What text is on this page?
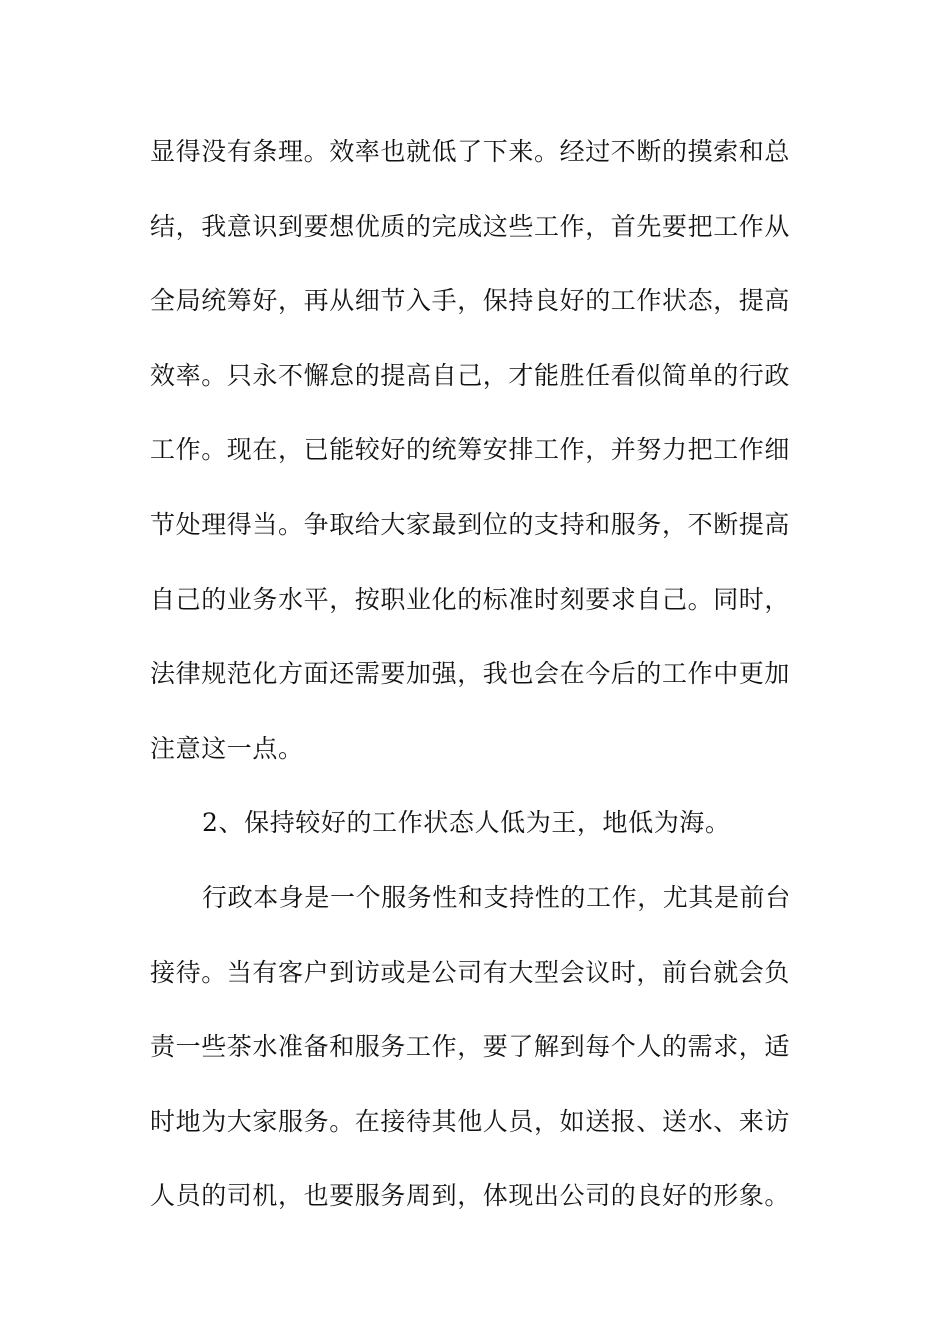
显得没有条理。效率也就低了下来。经过不断的摸索和总
结，我意识到要想优质的完成这些工作，首先要把工作从
全局统筹好，再从细节入手，保持良好的工作状态，提高
效率。只永不懈怠的提高自己，才能胜任看似简单的行政
工作。现在，已能较好的统筹安排工作，并努力把工作细
节处理得当。争取给大家最到位的支持和服务，不断提高
自己的业务水平，按职业化的标准时刻要求自己。同时，
法律规范化方面还需要加强，我也会在今后的工作中更加
注意这一点。
2、保持较好的工作状态人低为王，地低为海。
行政本身是一个服务性和支持性的工作，尤其是前台
接待。当有客户到访或是公司有大型会议时，前台就会负
责一些茶水准备和服务工作，要了解到每个人的需求，适
时地为大家服务。在接待其他人员，如送报、送水、来访
人员的司机，也要服务周到，体现出公司的良好的形象。
